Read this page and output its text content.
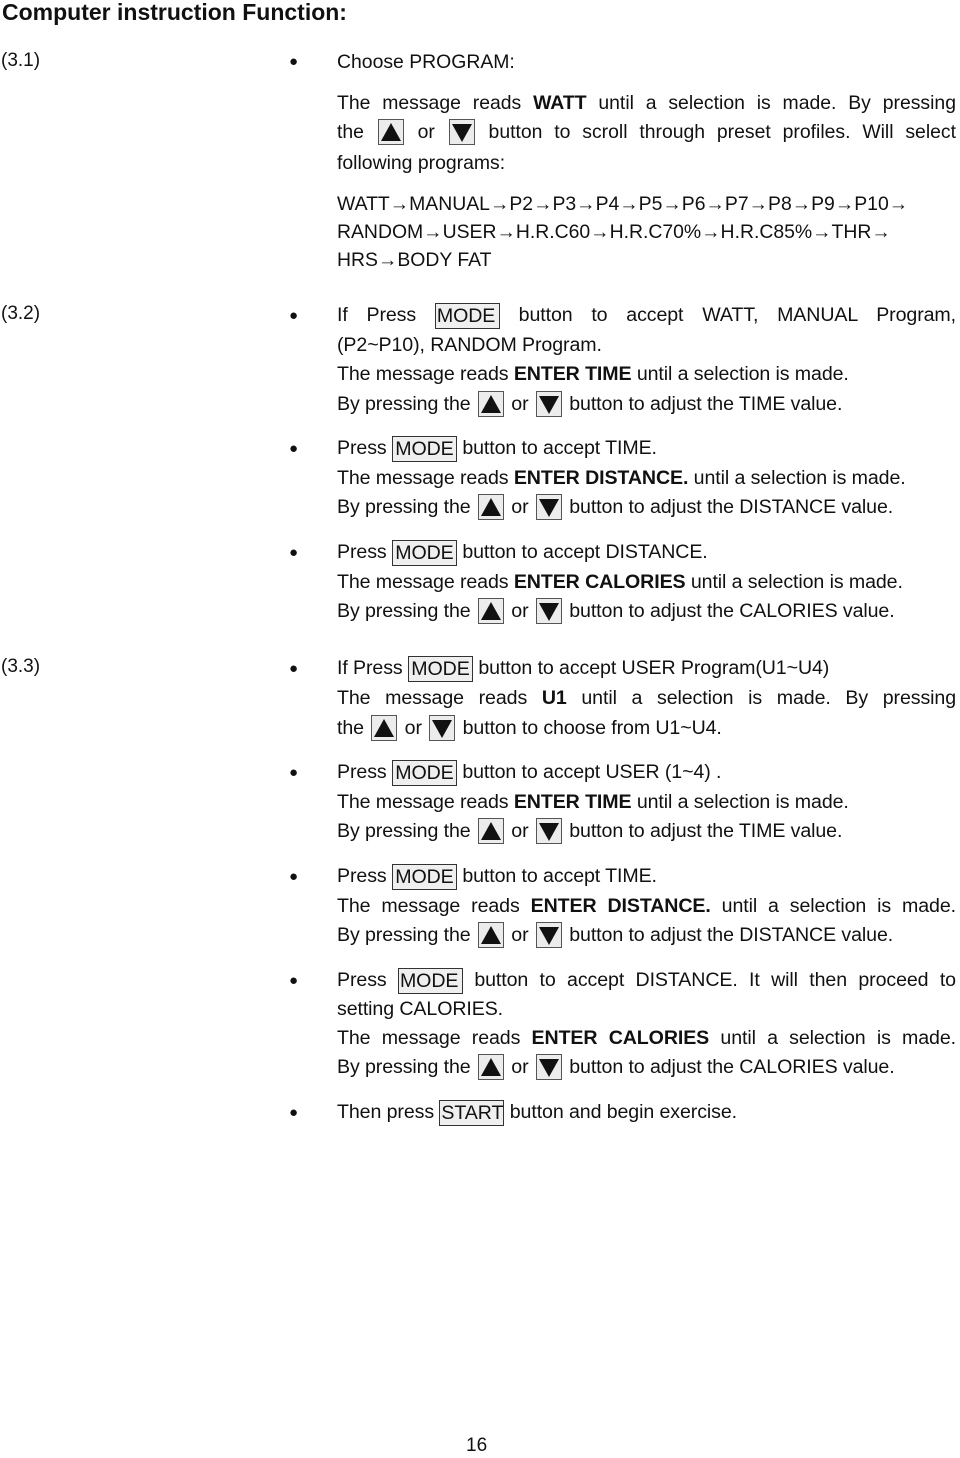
Computer instruction Function:
(3.1)	● Choose PROGRAM:
The message reads WATT until a selection is made. By pressing
the	or	button to scroll through preset profiles. Will select
following programs:
WATT→MANUAL→P2→P3→P4→P5→P6→P7→P8→P9→P10→
RANDOM→USER→H.R.C60→H.R.C70%→H.R.C85%→THR→
HRS→BODY FAT
(3.2)	● If Press MODE button to accept WATT, MANUAL Program,
(P2~P10), RANDOM Program.
The message reads ENTER TIME until a selection is made.
By pressing the or button to adjust the TIME value.
● Press MODE button to accept TIME.
The message reads ENTER DISTANCE. until a selection is made.
By pressing the or button to adjust the DISTANCE value.
● Press MODE button to accept DISTANCE.
The message reads ENTER CALORIES until a selection is made.
By pressing the or button to adjust the CALORIES value.
(3.3)	● If Press MODE button to accept USER Program(U1~U4)
The message reads U1 until a selection is made. By pressing
the or button to choose from U1~U4.
● Press MODE button to accept USER (1~4) .
The message reads ENTER TIME until a selection is made.
By pressing the or button to adjust the TIME value.
● Press MODE button to accept TIME.
The message reads ENTER DISTANCE. until a selection is made.
By pressing the or button to adjust the DISTANCE value.
● Press MODE button to accept DISTANCE. It will then proceed to
setting CALORIES.
The message reads ENTER CALORIES until a selection is made.
By pressing the or button to adjust the CALORIES value.
● Then press START button and begin exercise.
16
